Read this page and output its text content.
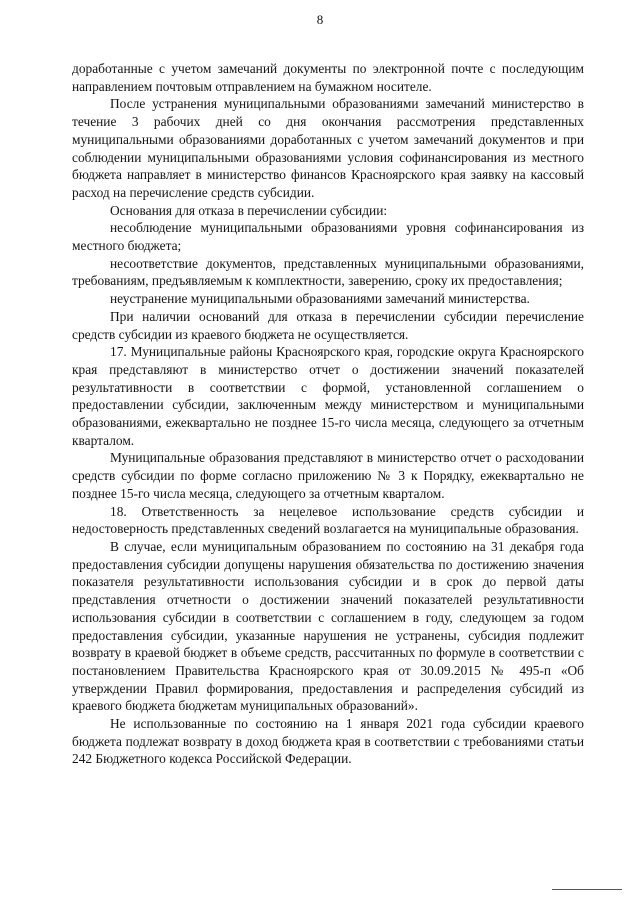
8

доработанные с учетом замечаний документы по электронной почте с последующим направлением почтовым отправлением на бумажном носителе.

После устранения муниципальными образованиями замечаний министерство в течение 3 рабочих дней со дня окончания рассмотрения представленных муниципальными образованиями доработанных с учетом замечаний документов и при соблюдении муниципальными образованиями условия софинансирования из местного бюджета направляет в министерство финансов Красноярского края заявку на кассовый расход на перечисление средств субсидии.

Основания для отказа в перечислении субсидии:

несоблюдение муниципальными образованиями уровня софинансирования из местного бюджета;

несоответствие документов, представленных муниципальными образованиями, требованиям, предъявляемым к комплектности, заверению, сроку их предоставления;

неустранение муниципальными образованиями замечаний министерства.

При наличии оснований для отказа в перечислении субсидии перечисление средств субсидии из краевого бюджета не осуществляется.

17. Муниципальные районы Красноярского края, городские округа Красноярского края представляют в министерство отчет о достижении значений показателей результативности в соответствии с формой, установленной соглашением о предоставлении субсидии, заключенным между министерством и муниципальными образованиями, ежеквартально не позднее 15-го числа месяца, следующего за отчетным кварталом.

Муниципальные образования представляют в министерство отчет о расходовании средств субсидии по форме согласно приложению № 3 к Порядку, ежеквартально не позднее 15-го числа месяца, следующего за отчетным кварталом.

18. Ответственность за нецелевое использование средств субсидии и недостоверность представленных сведений возлагается на муниципальные образования.

В случае, если муниципальным образованием по состоянию на 31 декабря года предоставления субсидии допущены нарушения обязательства по достижению значения показателя результативности использования субсидии и в срок до первой даты представления отчетности о достижении значений показателей результативности использования субсидии в соответствии с соглашением в году, следующем за годом предоставления субсидии, указанные нарушения не устранены, субсидия подлежит возврату в краевой бюджет в объеме средств, рассчитанных по формуле в соответствии с постановлением Правительства Красноярского края от 30.09.2015 № 495-п «Об утверждении Правил формирования, предоставления и распределения субсидий из краевого бюджета бюджетам муниципальных образований».

Не использованные по состоянию на 1 января 2021 года субсидии краевого бюджета подлежат возврату в доход бюджета края в соответствии с требованиями статьи 242 Бюджетного кодекса Российской Федерации.
